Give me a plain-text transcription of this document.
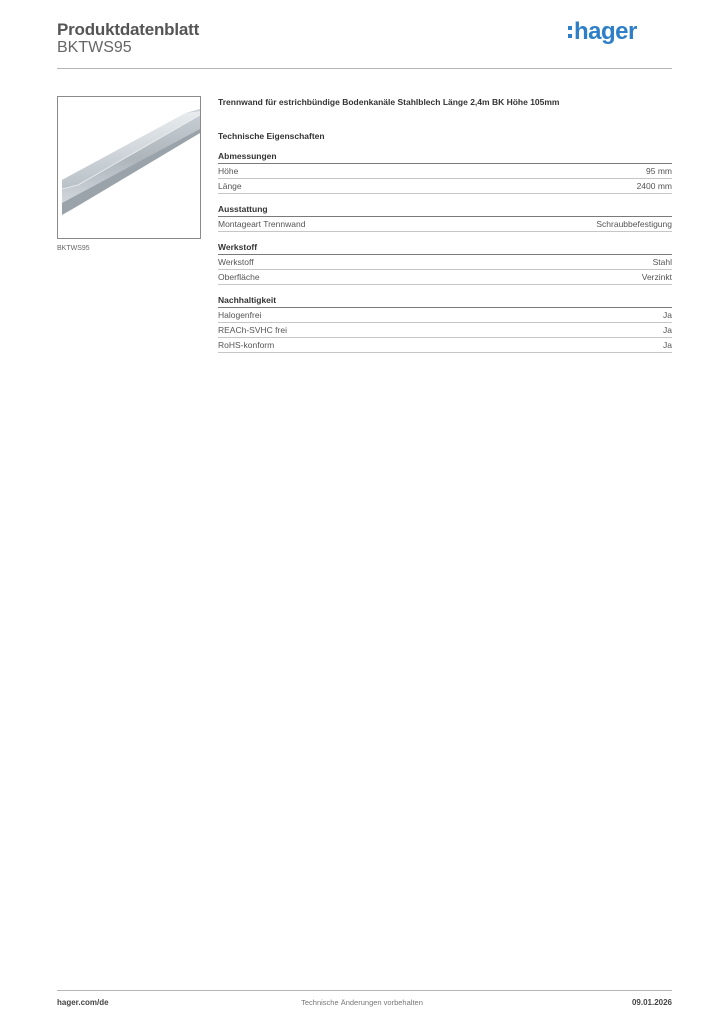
Produktdatenblatt
BKTWS95
hager
BKTWS95
Trennwand für estrichbündige Bodenkanäle Stahlblech Länge 2,4m BK Höhe 105mm
Technische Eigenschaften
Abmessungen
Höhe	95 mm
Länge	2400 mm
Ausstattung
Montageart Trennwand	Schraubbefestigung
Werkstoff
Werkstoff	Stahl
Oberfläche	Verzinkt
Nachhaltigkeit
Halogenfrei	Ja
REACh-SVHC frei	Ja
RoHS-konform	Ja
hager.com/de	Technische Änderungen vorbehalten	09.01.2026
